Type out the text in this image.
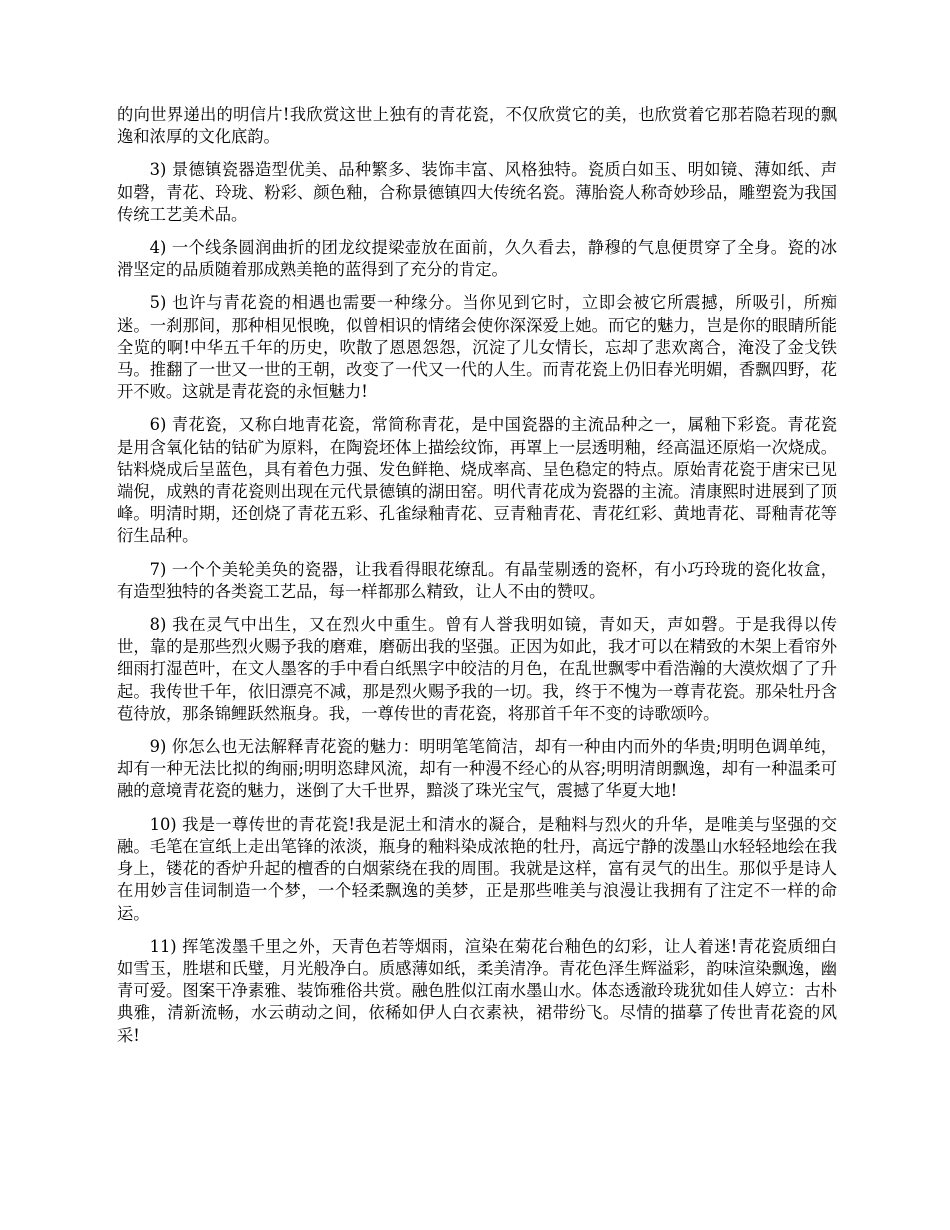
的向世界递出的明信片!我欣赏这世上独有的青花瓷，不仅欣赏它的美，也欣赏着它那若隐若现的飘逸和浓厚的文化底韵。

3) 景德镇瓷器造型优美、品种繁多、装饰丰富、风格独特。瓷质白如玉、明如镜、薄如纸、声如磬，青花、玲珑、粉彩、颜色釉，合称景德镇四大传统名瓷。薄胎瓷人称奇妙珍品，雕塑瓷为我国传统工艺美术品。

4) 一个线条圆润曲折的团龙纹提梁壶放在面前，久久看去，静穆的气息便贯穿了全身。瓷的冰滑坚定的品质随着那成熟美艳的蓝得到了充分的肯定。

5) 也许与青花瓷的相遇也需要一种缘分。当你见到它时，立即会被它所震撼，所吸引，所痴迷。一刹那间，那种相见恨晚，似曾相识的情绪会使你深深爱上她。而它的魅力，岂是你的眼睛所能全览的啊!中华五千年的历史，吹散了恩恩怨怨，沉淀了儿女情长，忘却了悲欢离合，淹没了金戈铁马。推翻了一世又一世的王朝，改变了一代又一代的人生。而青花瓷上仍旧春光明媚，香飘四野，花开不败。这就是青花瓷的永恒魅力!

6) 青花瓷，又称白地青花瓷，常简称青花，是中国瓷器的主流品种之一，属釉下彩瓷。青花瓷是用含氧化钴的钴矿为原料，在陶瓷坯体上描绘纹饰，再罩上一层透明釉，经高温还原焰一次烧成。钴料烧成后呈蓝色，具有着色力强、发色鲜艳、烧成率高、呈色稳定的特点。原始青花瓷于唐宋已见端倪，成熟的青花瓷则出现在元代景德镇的湖田窑。明代青花成为瓷器的主流。清康熙时进展到了顶峰。明清时期，还创烧了青花五彩、孔雀绿釉青花、豆青釉青花、青花红彩、黄地青花、哥釉青花等衍生品种。

7) 一个个美轮美奂的瓷器，让我看得眼花缭乱。有晶莹剔透的瓷杯，有小巧玲珑的瓷化妆盒，有造型独特的各类瓷工艺品，每一样都那么精致，让人不由的赞叹。

8) 我在灵气中出生，又在烈火中重生。曾有人誉我明如镜，青如天，声如磬。于是我得以传世，靠的是那些烈火赐予我的磨难，磨砺出我的坚强。正因为如此，我才可以在精致的木架上看帘外细雨打湿芭叶，在文人墨客的手中看白纸黑字中皎洁的月色，在乱世飘零中看浩瀚的大漠炊烟了了升起。我传世千年，依旧漂亮不减，那是烈火赐予我的一切。我，终于不愧为一尊青花瓷。那朵牡丹含苞待放，那条锦鲤跃然瓶身。我，一尊传世的青花瓷，将那首千年不变的诗歌颂吟。

9) 你怎么也无法解释青花瓷的魅力：明明笔笔简洁，却有一种由内而外的华贵;明明色调单纯，却有一种无法比拟的绚丽;明明恣肆风流，却有一种漫不经心的从容;明明清朗飘逸，却有一种温柔可融的意境青花瓷的魅力，迷倒了大千世界，黯淡了珠光宝气，震撼了华夏大地!

10) 我是一尊传世的青花瓷!我是泥土和清水的凝合，是釉料与烈火的升华，是唯美与坚强的交融。毛笔在宣纸上走出笔锋的浓淡，瓶身的釉料染成浓艳的牡丹，高远宁静的泼墨山水轻轻地绘在我身上，镂花的香炉升起的檀香的白烟萦绕在我的周围。我就是这样，富有灵气的出生。那似乎是诗人在用妙言佳词制造一个梦，一个轻柔飘逸的美梦，正是那些唯美与浪漫让我拥有了注定不一样的命运。

11) 挥笔泼墨千里之外，天青色若等烟雨，渲染在菊花台釉色的幻彩，让人着迷!青花瓷质细白如雪玉，胜堪和氏璧，月光般净白。质感薄如纸，柔美清净。青花色泽生辉溢彩，韵味渲染飘逸，幽青可爱。图案干净素雅、装饰雅俗共赏。融色胜似江南水墨山水。体态透澈玲珑犹如佳人婷立：古朴典雅，清新流畅，水云萌动之间，依稀如伊人白衣素袂，裙带纷飞。尽情的描摹了传世青花瓷的风采!
